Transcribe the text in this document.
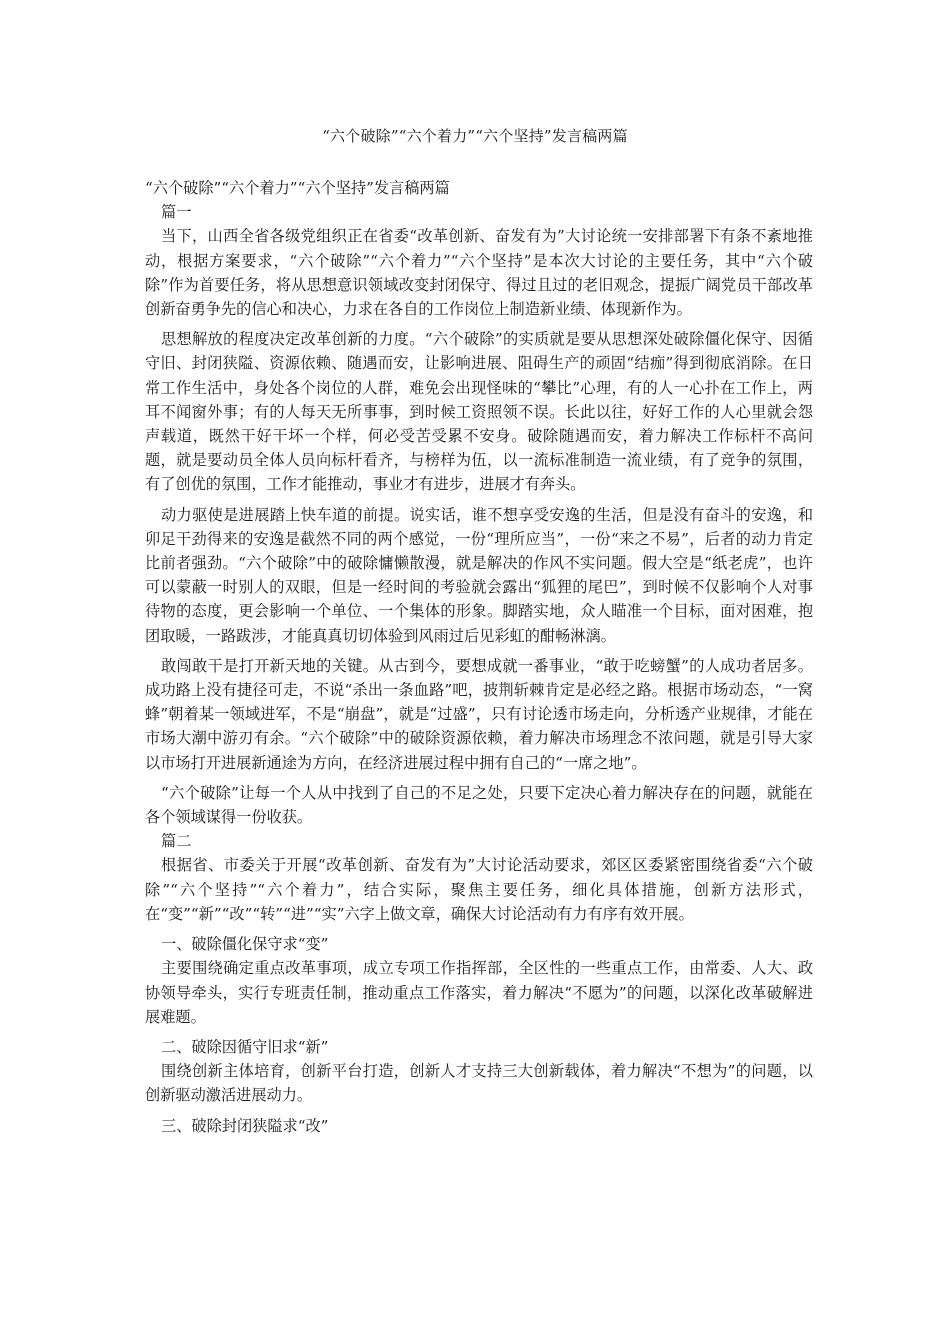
“六个破除”“六个着力”“六个坚持”发言稿两篇

“六个破除”“六个着力”“六个坚持”发言稿两篇

篇一

当下，山西全省各级党组织正在省委“改革创新、奋发有为”大讨论统一安排部署下有条不紊地推动，根据方案要求，“六个破除”“六个着力”“六个坚持”是本次大讨论的主要任务，其中“六个破除”作为首要任务，将从思想意识领域改变封闭保守、得过且过的老旧观念，提振广阔党员干部改革创新奋勇争先的信心和决心，力求在各自的工作岗位上制造新业绩、体现新作为。

思想解放的程度决定改革创新的力度。“六个破除”的实质就是要从思想深处破除僵化保守、因循守旧、封闭狭隘、资源依赖、随遇而安，让影响进展、阻碍生产的顽固“结痂”得到彻底消除。在日常工作生活中，身处各个岗位的人群，难免会出现怪味的“攀比”心理，有的人一心扑在工作上，两耳不闻窗外事；有的人每天无所事事，到时候工资照领不误。长此以往，好好工作的人心里就会怨声载道，既然干好干坏一个样，何必受苦受累不安身。破除随遇而安，着力解决工作标杆不高问题，就是要动员全体人员向标杆看齐，与榜样为伍，以一流标准制造一流业绩，有了竞争的氛围，有了创优的氛围，工作才能推动，事业才有进步，进展才有奔头。

动力驱使是进展踏上快车道的前提。说实话，谁不想享受安逸的生活，但是没有奋斗的安逸，和卯足干劲得来的安逸是截然不同的两个感觉，一份“理所应当”，一份“来之不易”，后者的动力肯定比前者强劲。“六个破除”中的破除慵懒散漫，就是解决的作风不实问题。假大空是“纸老虎”，也许可以蒙蔽一时别人的双眼，但是一经时间的考验就会露出“狐狸的尾巴”，到时候不仅影响个人对事待物的态度，更会影响一个单位、一个集体的形象。脚踏实地，众人瞄准一个目标，面对困难，抱团取暖，一路跋涉，才能真真切切体验到风雨过后见彩虹的酣畅淋漓。

敢闯敢干是打开新天地的关键。从古到今，要想成就一番事业，“敢于吃螃蟹”的人成功者居多。成功路上没有捷径可走，不说“杀出一条血路”吧，披荆斩棘肯定是必经之路。根据市场动态，“一窝蜂”朝着某一领域进军，不是“崩盘”，就是“过盛”，只有讨论透市场走向，分析透产业规律，才能在市场大潮中游刃有余。“六个破除”中的破除资源依赖，着力解决市场理念不浓问题，就是引导大家以市场打开进展新通途为方向，在经济进展过程中拥有自己的“一席之地”。

“六个破除”让每一个人从中找到了自己的不足之处，只要下定决心着力解决存在的问题，就能在各个领域谋得一份收获。

篇二

根据省、市委关于开展“改革创新、奋发有为”大讨论活动要求，郊区区委紧密围绕省委“六个破除”“六个坚持”“六个着力”，结合实际，聚焦主要任务，细化具体措施，创新方法形式，在“变”“新”“改”“转”“进”“实”六字上做文章，确保大讨论活动有力有序有效开展。

一、破除僵化保守求“变”

主要围绕确定重点改革事项，成立专项工作指挥部，全区性的一些重点工作，由常委、人大、政协领导牵头，实行专班责任制，推动重点工作落实，着力解决“不愿为”的问题，以深化改革破解进展难题。

二、破除因循守旧求“新”

围绕创新主体培育，创新平台打造，创新人才支持三大创新载体，着力解决“不想为”的问题，以创新驱动激活进展动力。

三、破除封闭狭隘求“改”
